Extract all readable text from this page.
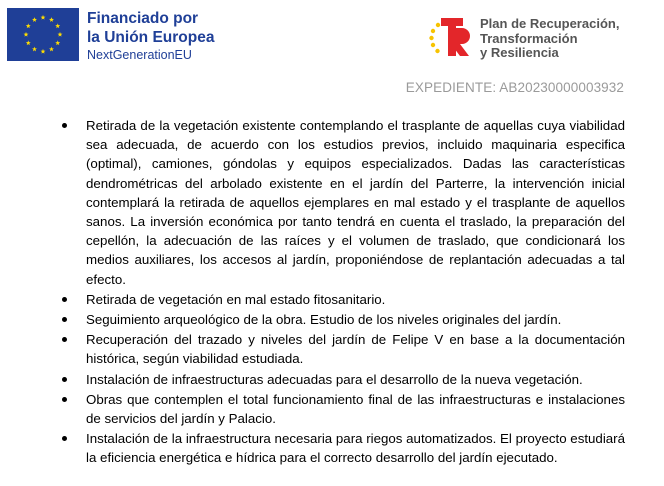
Financiado por
la Unión Europea
NextGenerationEU
Plan de Recuperación,
Transformación
y Resiliencia
EXPEDIENTE: AB20230000003932
Retirada de la vegetación existente contemplando el trasplante de aquellas cuya viabilidad sea adecuada, de acuerdo con los estudios previos, incluido maquinaria especifica (optimal), camiones, góndolas y equipos especializados. Dadas las características dendrométricas del arbolado existente en el jardín del Parterre, la intervención inicial contemplará la retirada de aquellos ejemplares en mal estado y el trasplante de aquellos sanos. La inversión económica por tanto tendrá en cuenta el traslado, la preparación del cepellón, la adecuación de las raíces y el volumen de traslado, que condicionará los medios auxiliares, los accesos al jardín, proponiéndose de replantación adecuadas a tal efecto.
Retirada de vegetación en mal estado fitosanitario.
Seguimiento arqueológico de la obra. Estudio de los niveles originales del jardín.
Recuperación del trazado y niveles del jardín de Felipe V en base a la documentación histórica, según viabilidad estudiada.
Instalación de infraestructuras adecuadas para el desarrollo de la nueva vegetación.
Obras que contemplen el total funcionamiento final de las infraestructuras e instalaciones de servicios del jardín y Palacio.
Instalación de la infraestructura necesaria para riegos automatizados. El proyecto estudiará la eficiencia energética e hídrica para el correcto desarrollo del jardín ejecutado.
